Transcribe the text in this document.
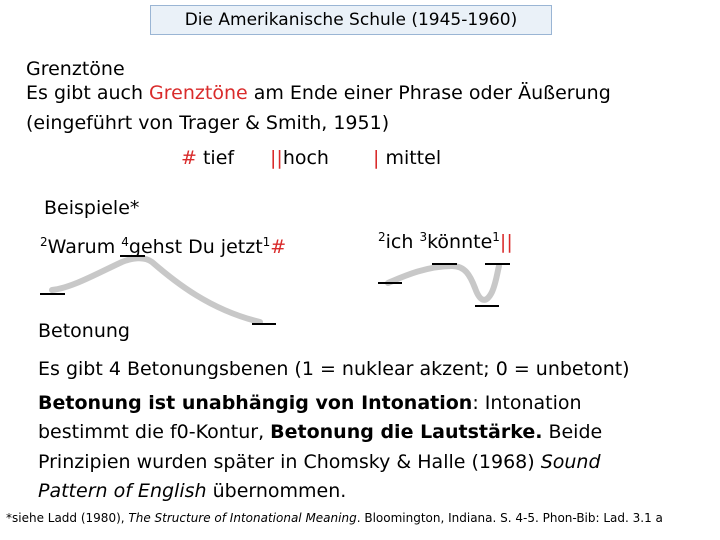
Die Amerikanische Schule (1945-1960)
Grenztöne
Es gibt auch Grenztöne am Ende einer Phrase oder Äußerung
(eingeführt von Trager & Smith, 1951)
# tief ||hoch | mittel
Beispiele*
$^2$Warum $^4$gehst Du jetzt$^1$#	$^2$ich $^3$könnte$^1$||
Betonung
Es gibt 4 Betonungsbenen (1 = nuklear akzent; 0 = unbetont)
Betonung ist unabhängig von Intonation: Intonation
bestimmt die f0-Kontur, Betonung die Lautstärke. Beide
Prinzipien wurden später in Chomsky & Halle (1968) Sound
Pattern of English übernommen.
*siehe Ladd (1980), The Structure of Intonational Meaning. Bloomington, Indiana. S. 4-5. Phon-Bib: Lad. 3.1 a
